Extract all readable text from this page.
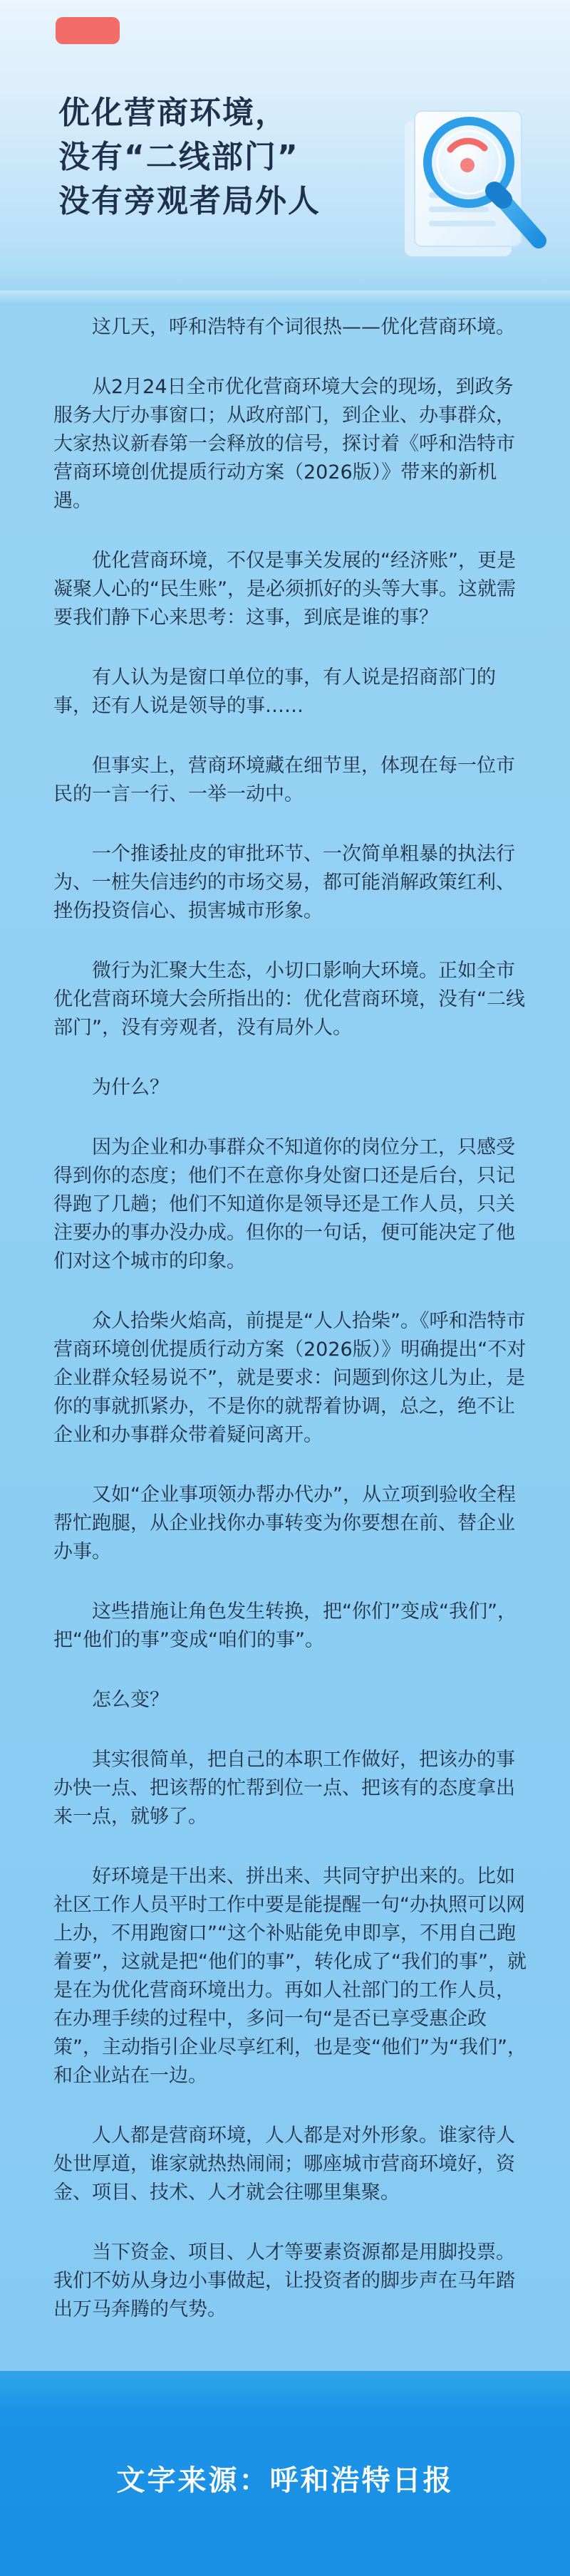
优化营商环境，
没有“二线部门”
没有旁观者局外人

这几天，呼和浩特有个词很热——优化营商环境。

从2月24日全市优化营商环境大会的现场，到政务服务大厅办事窗口；从政府部门，到企业、办事群众，大家热议新春第一会释放的信号，探讨着《呼和浩特市营商环境创优提质行动方案（2026版）》带来的新机遇。

优化营商环境，不仅是事关发展的“经济账”，更是凝聚人心的“民生账”，是必须抓好的头等大事。这就需要我们静下心来思考：这事，到底是谁的事？

有人认为是窗口单位的事，有人说是招商部门的事，还有人说是领导的事……

但事实上，营商环境藏在细节里，体现在每一位市民的一言一行、一举一动中。

一个推诿扯皮的审批环节、一次简单粗暴的执法行为、一桩失信违约的市场交易，都可能消解政策红利、挫伤投资信心、损害城市形象。

微行为汇聚大生态，小切口影响大环境。正如全市优化营商环境大会所指出的：优化营商环境，没有“二线部门”，没有旁观者，没有局外人。

为什么？

因为企业和办事群众不知道你的岗位分工，只感受得到你的态度；他们不在意你身处窗口还是后台，只记得跑了几趟；他们不知道你是领导还是工作人员，只关注要办的事办没办成。但你的一句话，便可能决定了他们对这个城市的印象。

众人拾柴火焰高，前提是“人人拾柴”。《呼和浩特市营商环境创优提质行动方案（2026版）》明确提出“不对企业群众轻易说不”，就是要求：问题到你这儿为止，是你的事就抓紧办，不是你的就帮着协调，总之，绝不让企业和办事群众带着疑问离开。

又如“企业事项领办帮办代办”，从立项到验收全程帮忙跑腿，从企业找你办事转变为你要想在前、替企业办事。

这些措施让角色发生转换，把“你们”变成“我们”，把“他们的事”变成“咱们的事”。

怎么变？

其实很简单，把自己的本职工作做好，把该办的事办快一点、把该帮的忙帮到位一点、把该有的态度拿出来一点，就够了。

好环境是干出来、拼出来、共同守护出来的。比如社区工作人员平时工作中要是能提醒一句“办执照可以网上办，不用跑窗口”“这个补贴能免申即享，不用自己跑着要”，这就是把“他们的事”，转化成了“我们的事”，就是在为优化营商环境出力。再如人社部门的工作人员，在办理手续的过程中，多问一句“是否已享受惠企政策”，主动指引企业尽享红利，也是变“他们”为“我们”，和企业站在一边。

人人都是营商环境，人人都是对外形象。谁家待人处世厚道，谁家就热热闹闹；哪座城市营商环境好，资金、项目、技术、人才就会往哪里集聚。

当下资金、项目、人才等要素资源都是用脚投票。我们不妨从身边小事做起，让投资者的脚步声在马年踏出万马奔腾的气势。

文字来源：呼和浩特日报
